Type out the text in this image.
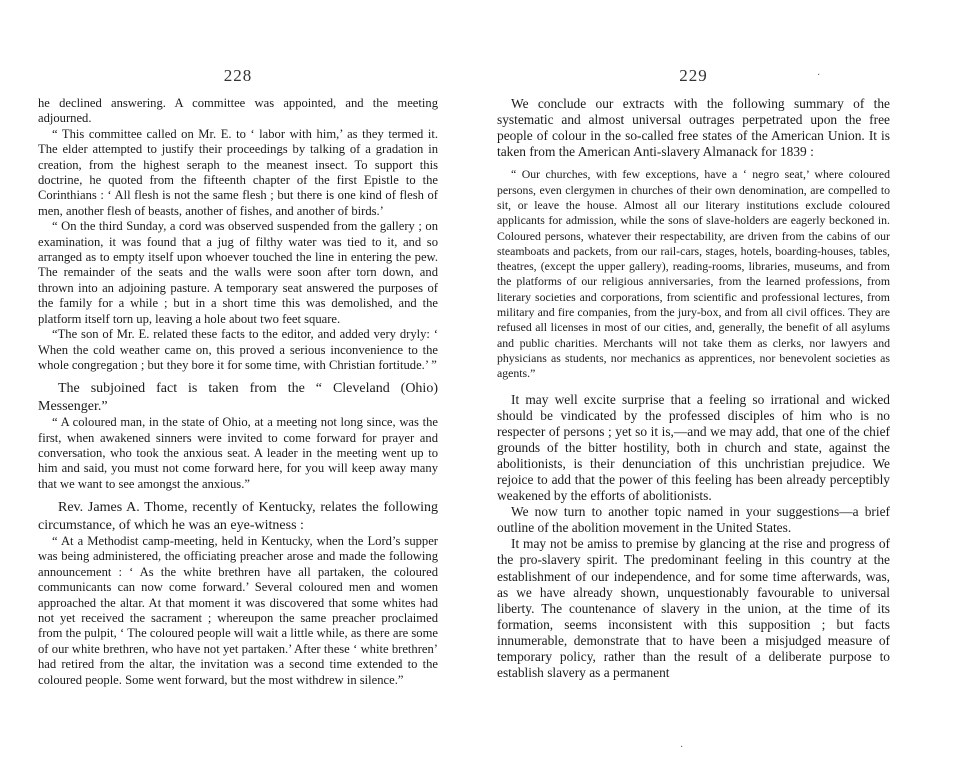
228

he declined answering. A committee was appointed, and the meeting adjourned.

“ This committee called on Mr. E. to ‘ labor with him,’ as they termed it. The elder attempted to justify their proceedings by talking of a gradation in creation, from the highest seraph to the meanest insect. To support this doctrine, he quoted from the fifteenth chapter of the first Epistle to the Corinthians : ‘ All flesh is not the same flesh ; but there is one kind of flesh of men, another flesh of beasts, another of fishes, and another of birds.’

“ On the third Sunday, a cord was observed suspended from the gallery ; on examination, it was found that a jug of filthy water was tied to it, and so arranged as to empty itself upon whoever touched the line in entering the pew. The remainder of the seats and the walls were soon after torn down, and thrown into an adjoining pasture. A temporary seat answered the purposes of the family for a while ; but in a short time this was demolished, and the platform itself torn up, leaving a hole about two feet square.

“The son of Mr. E. related these facts to the editor, and added very dryly: ‘ When the cold weather came on, this proved a serious inconvenience to the whole congregation ; but they bore it for some time, with Christian fortitude.’ ”

The subjoined fact is taken from the “ Cleveland (Ohio) Messenger.”

“ A coloured man, in the state of Ohio, at a meeting not long since, was the first, when awakened sinners were invited to come forward for prayer and conversation, who took the anxious seat. A leader in the meeting went up to him and said, you must not come forward here, for you will keep away many that we want to see amongst the anxious.”

Rev. James A. Thome, recently of Kentucky, relates the following circumstance, of which he was an eye-witness :

“ At a Methodist camp-meeting, held in Kentucky, when the Lord’s supper was being administered, the officiating preacher arose and made the following announcement : ‘ As the white brethren have all partaken, the coloured communicants can now come forward.’ Several coloured men and women approached the altar. At that moment it was discovered that some whites had not yet received the sacrament ; whereupon the same preacher proclaimed from the pulpit, ‘ The coloured people will wait a little while, as there are some of our white brethren, who have not yet partaken.’ After these ‘ white brethren’ had retired from the altar, the invitation was a second time extended to the coloured people. Some went forward, but the most withdrew in silence.”

229

We conclude our extracts with the following summary of the systematic and almost universal outrages perpetrated upon the free people of colour in the so-called free states of the American Union. It is taken from the American Anti-slavery Almanack for 1839 :

“ Our churches, with few exceptions, have a ‘ negro seat,’ where coloured persons, even clergymen in churches of their own denomination, are compelled to sit, or leave the house. Almost all our literary institutions exclude coloured applicants for admission, while the sons of slave-holders are eagerly beckoned in. Coloured persons, whatever their respectability, are driven from the cabins of our steamboats and packets, from our rail-cars, stages, hotels, boarding-houses, tables, theatres, (except the upper gallery), reading-rooms, libraries, museums, and from the platforms of our religious anniversaries, from the learned professions, from literary societies and corporations, from scientific and professional lectures, from military and fire companies, from the jury-box, and from all civil offices. They are refused all licenses in most of our cities, and, generally, the benefit of all asylums and public charities. Merchants will not take them as clerks, nor lawyers and physicians as students, nor mechanics as apprentices, nor benevolent societies as agents.”

It may well excite surprise that a feeling so irrational and wicked should be vindicated by the professed disciples of him who is no respecter of persons ; yet so it is,—and we may add, that one of the chief grounds of the bitter hostility, both in church and state, against the abolitionists, is their denunciation of this unchristian prejudice. We rejoice to add that the power of this feeling has been already perceptibly weakened by the efforts of abolitionists.

We now turn to another topic named in your suggestions—a brief outline of the abolition movement in the United States.

It may not be amiss to premise by glancing at the rise and progress of the pro-slavery spirit. The predominant feeling in this country at the establishment of our independence, and for some time afterwards, was, as we have already shown, unquestionably favourable to universal liberty. The countenance of slavery in the union, at the time of its formation, seems inconsistent with this supposition ; but facts innumerable, demonstrate that to have been a misjudged measure of temporary policy, rather than the result of a deliberate purpose to establish slavery as a permanent

·
·
